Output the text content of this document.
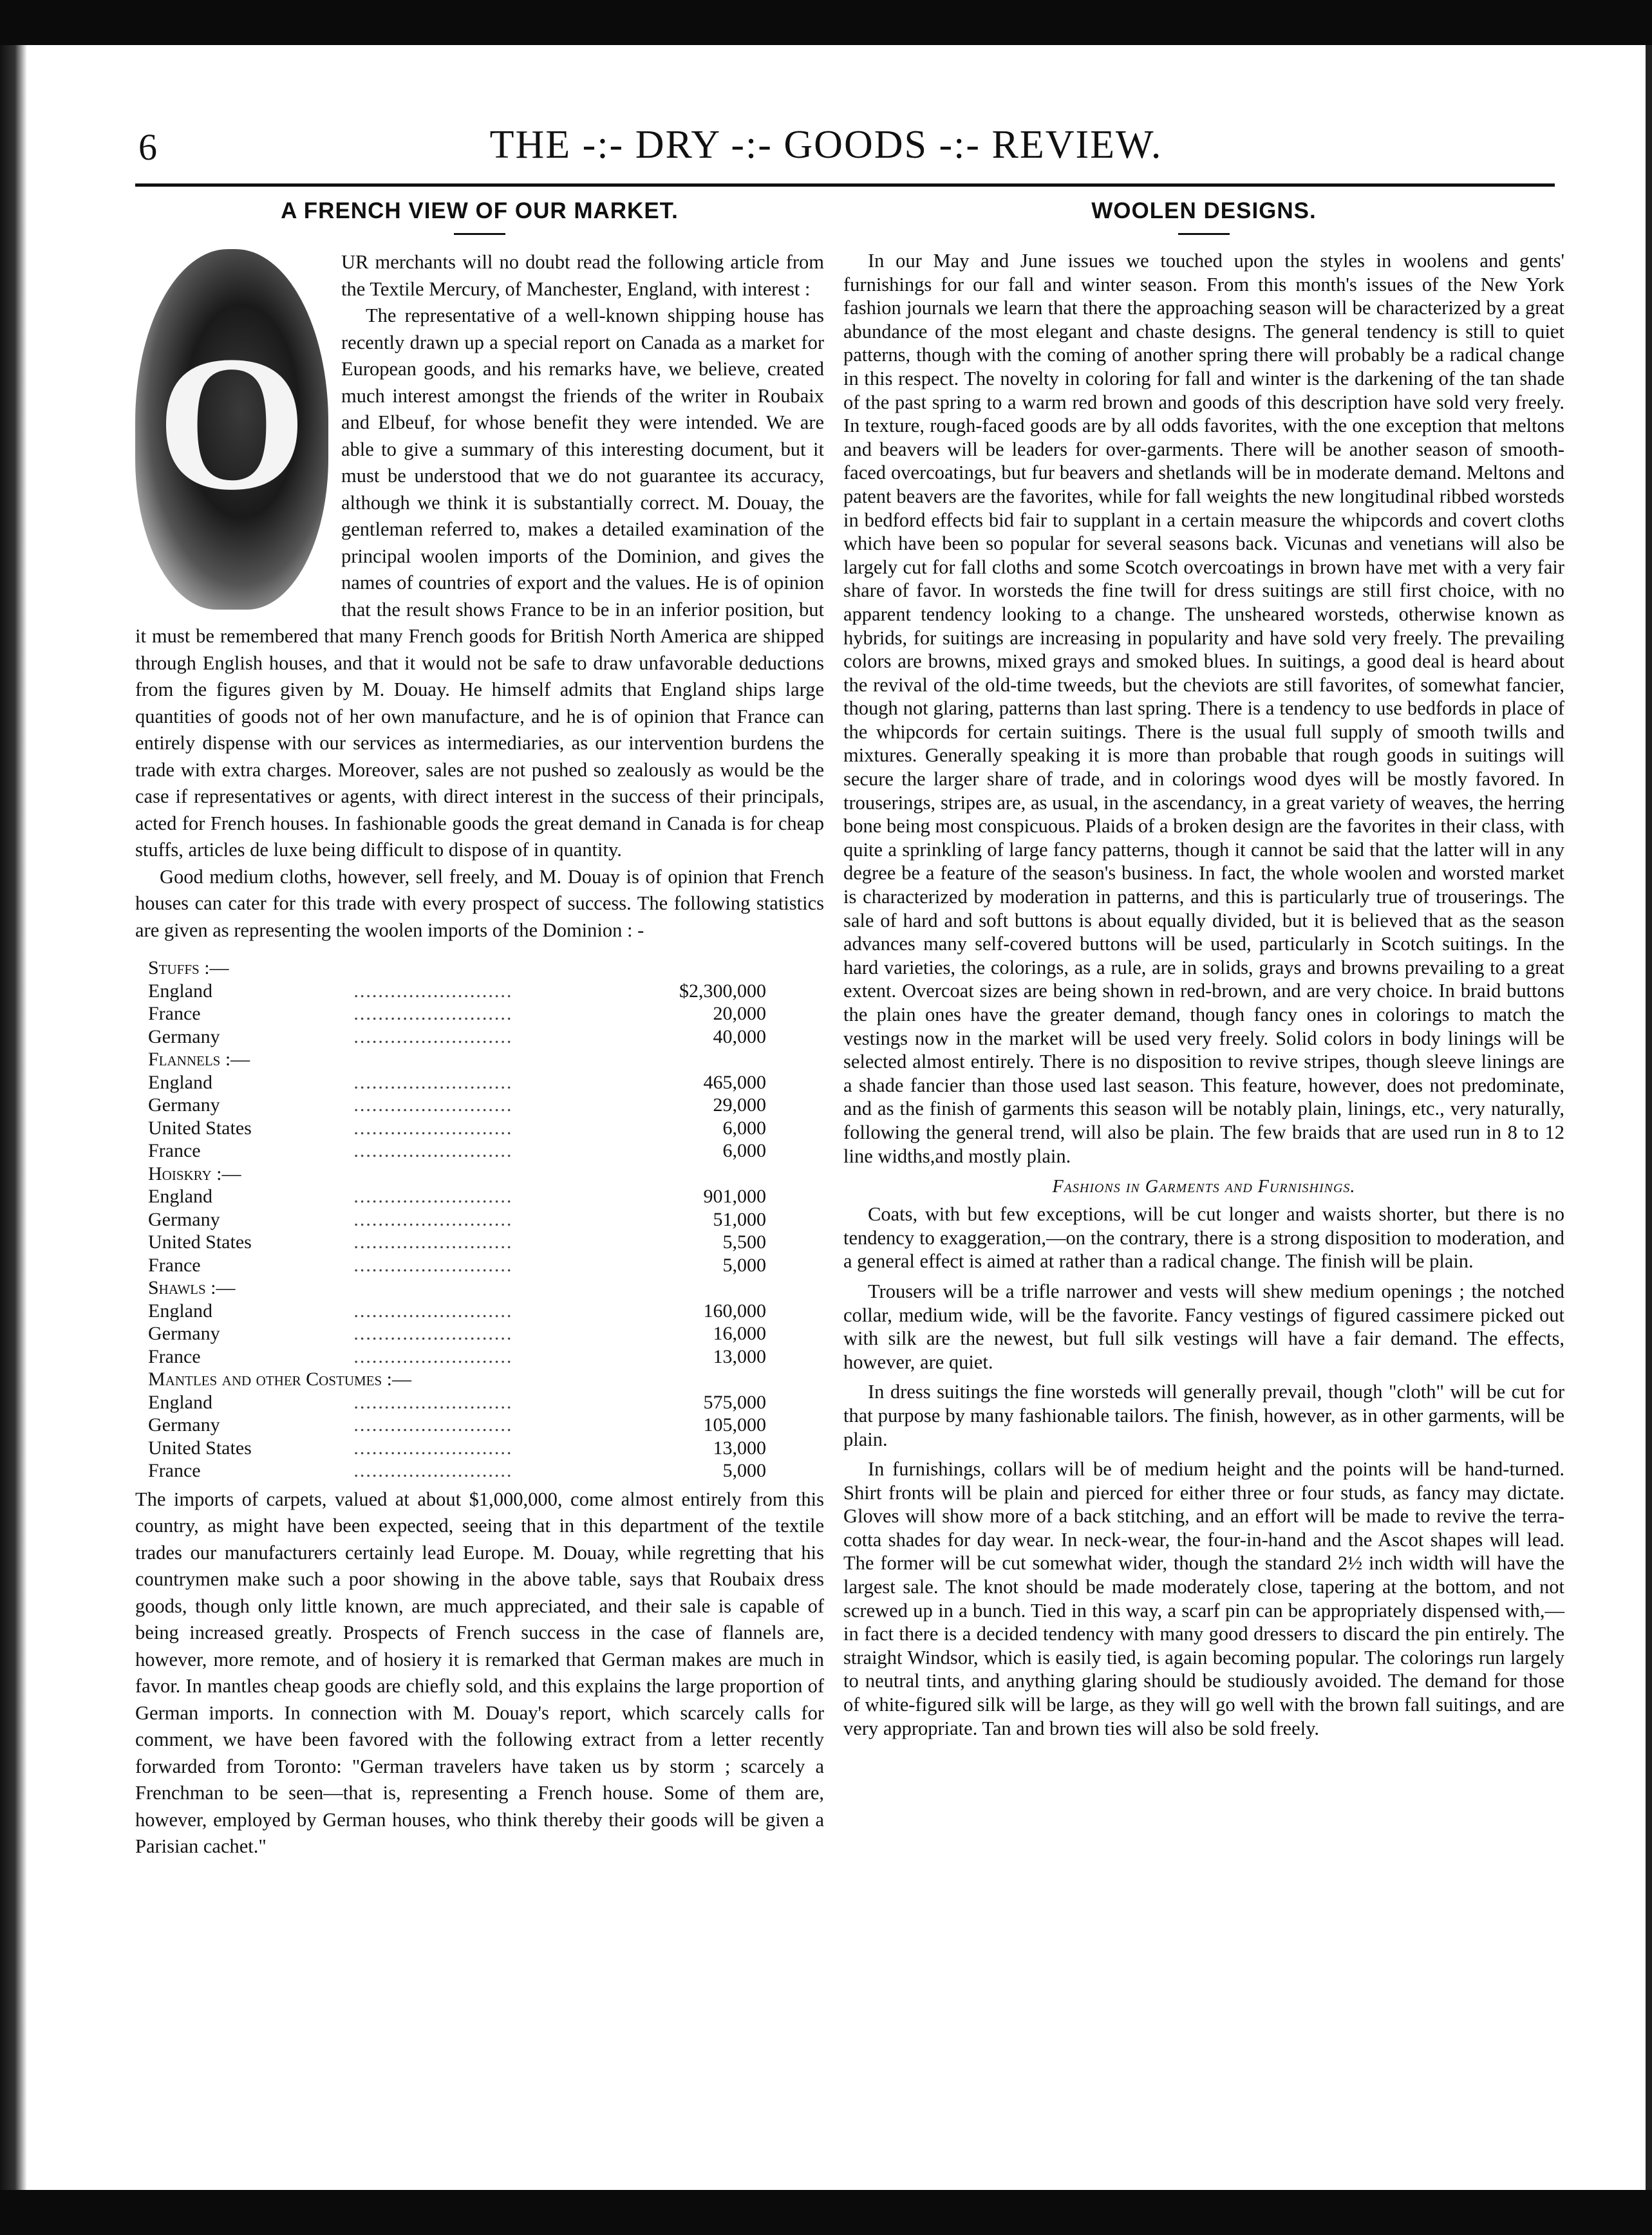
6	THE -:- DRY -:- GOODS -:- REVIEW.
A FRENCH VIEW OF OUR MARKET.
O

UR merchants will no doubt read the following article from the Textile Mercury, of Manchester, England, with interest :

The representative of a well-known shipping house has recently drawn up a special report on Canada as a market for European goods, and his remarks have, we believe, created much interest amongst the friends of the writer in Roubaix and Elbeuf, for whose benefit they were intended. We are able to give a summary of this interesting document, but it must be understood that we do not guarantee its accuracy, although we think it is substantially correct. M. Douay, the gentleman referred to, makes a detailed examination of the principal woolen imports of the Dominion, and gives the names of countries of export and the values. He is of opinion that the result shows France to be in an inferior position, but it must be remembered that many French goods for British North America are shipped through English houses, and that it would not be safe to draw unfavorable deductions from the figures given by M. Douay. He himself admits that England ships large quantities of goods not of her own manufacture, and he is of opinion that France can entirely dispense with our services as intermediaries, as our intervention burdens the trade with extra charges. Moreover, sales are not pushed so zealously as would be the case if representatives or agents, with direct interest in the success of their principals, acted for French houses. In fashionable goods the great demand in Canada is for cheap stuffs, articles de luxe being difficult to dispose of in quantity.

Good medium cloths, however, sell freely, and M. Douay is of opinion that French houses can cater for this trade with every prospect of success. The following statistics are given as representing the woolen imports of the Dominion : -

Stuffs :—		
England	..........................	$2,300,000
France	..........................	20,000
Germany	..........................	40,000
Flannels :—		
England	..........................	465,000
Germany	..........................	29,000
United States	..........................	6,000
France	..........................	6,000
Hoiskry :—		
England	..........................	901,000
Germany	..........................	51,000
United States	..........................	5,500
France	..........................	5,000
Shawls :—		
England	..........................	160,000
Germany	..........................	16,000
France	..........................	13,000
Mantles and other Costumes :—		
England	..........................	575,000
Germany	..........................	105,000
United States	..........................	13,000
France	..........................	5,000

The imports of carpets, valued at about $1,000,000, come almost entirely from this country, as might have been expected, seeing that in this department of the textile trades our manufacturers certainly lead Europe. M. Douay, while regretting that his countrymen make such a poor showing in the above table, says that Roubaix dress goods, though only little known, are much appreciated, and their sale is capable of being increased greatly. Prospects of French success in the case of flannels are, however, more remote, and of hosiery it is remarked that German makes are much in favor. In mantles cheap goods are chiefly sold, and this explains the large proportion of German imports. In connection with M. Douay's report, which scarcely calls for comment, we have been favored with the following extract from a letter recently forwarded from Toronto: "German travelers have taken us by storm ; scarcely a Frenchman to be seen—that is, representing a French house. Some of them are, however, employed by German houses, who think thereby their goods will be given a Parisian cachet."

WOOLEN DESIGNS.

In our May and June issues we touched upon the styles in woolens and gents' furnishings for our fall and winter season. From this month's issues of the New York fashion journals we learn that there the approaching season will be characterized by a great abundance of the most elegant and chaste designs. The general tendency is still to quiet patterns, though with the coming of another spring there will probably be a radical change in this respect. The novelty in coloring for fall and winter is the darkening of the tan shade of the past spring to a warm red brown and goods of this description have sold very freely. In texture, rough-faced goods are by all odds favorites, with the one exception that meltons and beavers will be leaders for over-garments. There will be another season of smooth-faced overcoatings, but fur beavers and shetlands will be in moderate demand. Meltons and patent beavers are the favorites, while for fall weights the new longitudinal ribbed worsteds in bedford effects bid fair to supplant in a certain measure the whipcords and covert cloths which have been so popular for several seasons back. Vicunas and venetians will also be largely cut for fall cloths and some Scotch overcoatings in brown have met with a very fair share of favor. In worsteds the fine twill for dress suitings are still first choice, with no apparent tendency looking to a change. The unsheared worsteds, otherwise known as hybrids, for suitings are increasing in popularity and have sold very freely. The prevailing colors are browns, mixed grays and smoked blues. In suitings, a good deal is heard about the revival of the old-time tweeds, but the cheviots are still favorites, of somewhat fancier, though not glaring, patterns than last spring. There is a tendency to use bedfords in place of the whipcords for certain suitings. There is the usual full supply of smooth twills and mixtures. Generally speaking it is more than probable that rough goods in suitings will secure the larger share of trade, and in colorings wood dyes will be mostly favored. In trouserings, stripes are, as usual, in the ascendancy, in a great variety of weaves, the herring bone being most conspicuous. Plaids of a broken design are the favorites in their class, with quite a sprinkling of large fancy patterns, though it cannot be said that the latter will in any degree be a feature of the season's business. In fact, the whole woolen and worsted market is characterized by moderation in patterns, and this is particularly true of trouserings. The sale of hard and soft buttons is about equally divided, but it is believed that as the season advances many self-covered buttons will be used, particularly in Scotch suitings. In the hard varieties, the colorings, as a rule, are in solids, grays and browns prevailing to a great extent. Overcoat sizes are being shown in red-brown, and are very choice. In braid buttons the plain ones have the greater demand, though fancy ones in colorings to match the vestings now in the market will be used very freely. Solid colors in body linings will be selected almost entirely. There is no disposition to revive stripes, though sleeve linings are a shade fancier than those used last season. This feature, however, does not predominate, and as the finish of garments this season will be notably plain, linings, etc., very naturally, following the general trend, will also be plain. The few braids that are used run in 8 to 12 line widths,and mostly plain.

Fashions in Garments and Furnishings.

Coats, with but few exceptions, will be cut longer and waists shorter, but there is no tendency to exaggeration,—on the contrary, there is a strong disposition to moderation, and a general effect is aimed at rather than a radical change. The finish will be plain.

Trousers will be a trifle narrower and vests will shew medium openings ; the notched collar, medium wide, will be the favorite. Fancy vestings of figured cassimere picked out with silk are the newest, but full silk vestings will have a fair demand. The effects, however, are quiet.

In dress suitings the fine worsteds will generally prevail, though "cloth" will be cut for that purpose by many fashionable tailors. The finish, however, as in other garments, will be plain.

In furnishings, collars will be of medium height and the points will be hand-turned. Shirt fronts will be plain and pierced for either three or four studs, as fancy may dictate. Gloves will show more of a back stitching, and an effort will be made to revive the terra-cotta shades for day wear. In neck-wear, the four-in-hand and the Ascot shapes will lead. The former will be cut somewhat wider, though the standard 2½ inch width will have the largest sale. The knot should be made moderately close, tapering at the bottom, and not screwed up in a bunch. Tied in this way, a scarf pin can be appropriately dispensed with,—in fact there is a decided tendency with many good dressers to discard the pin entirely. The straight Windsor, which is easily tied, is again becoming popular. The colorings run largely to neutral tints, and anything glaring should be studiously avoided. The demand for those of white-figured silk will be large, as they will go well with the brown fall suitings, and are very appropriate. Tan and brown ties will also be sold freely.
